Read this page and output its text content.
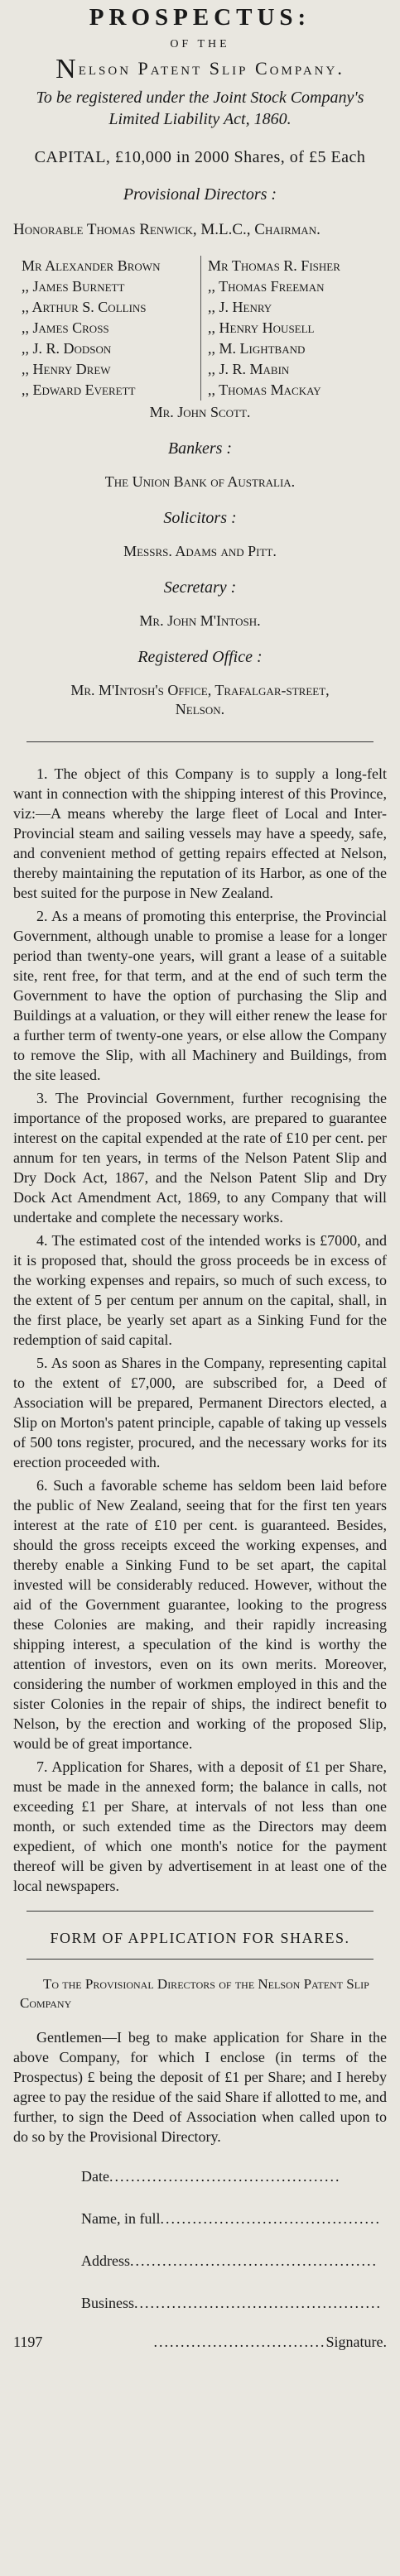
PROSPECTUS:
OF THE
Nelson Patent Slip Company.
To be registered under the Joint Stock Company's Limited Liability Act, 1860.
CAPITAL, £10,000 in 2000 Shares, of £5 Each
Provisional Directors :
Honorable Thomas Renwick, M.L.C., Chairman.
Mr Alexander Brown
,, James Burnett
,, Arthur S. Collins
,, James Cross
,, J. R. Dodson
,, Henry Drew
,, Edward Everett
Mr Thomas R. Fisher
,, Thomas Freeman
,, J. Henry
,, Henry Housell
,, M. Lightband
,, J. R. Mabin
,, Thomas Mackay
Mr. John Scott.
Bankers :
The Union Bank of Australia.
Solicitors :
Messrs. Adams and Pitt.
Secretary :
Mr. John M'Intosh.
Registered Office :
Mr. M'Intosh's Office, Trafalgar-street,
Nelson.

1. The object of this Company is to supply a long-felt want in connection with the shipping interest of this Province, viz:—A means whereby the large fleet of Local and Inter-Provincial steam and sailing vessels may have a speedy, safe, and convenient method of getting repairs effected at Nelson, thereby maintaining the reputation of its Harbor, as one of the best suited for the purpose in New Zealand.

2. As a means of promoting this enterprise, the Provincial Government, although unable to promise a lease for a longer period than twenty-one years, will grant a lease of a suitable site, rent free, for that term, and at the end of such term the Government to have the option of purchasing the Slip and Buildings at a valuation, or they will either renew the lease for a further term of twenty-one years, or else allow the Company to remove the Slip, with all Machinery and Buildings, from the site leased.

3. The Provincial Government, further recognising the importance of the proposed works, are prepared to guarantee interest on the capital expended at the rate of £10 per cent. per annum for ten years, in terms of the Nelson Patent Slip and Dry Dock Act, 1867, and the Nelson Patent Slip and Dry Dock Act Amendment Act, 1869, to any Company that will undertake and complete the necessary works.

4. The estimated cost of the intended works is £7000, and it is proposed that, should the gross proceeds be in excess of the working expenses and repairs, so much of such excess, to the extent of 5 per centum per annum on the capital, shall, in the first place, be yearly set apart as a Sinking Fund for the redemption of said capital.

5. As soon as Shares in the Company, representing capital to the extent of £7,000, are subscribed for, a Deed of Association will be prepared, Permanent Directors elected, a Slip on Morton's patent principle, capable of taking up vessels of 500 tons register, procured, and the necessary works for its erection proceeded with.

6. Such a favorable scheme has seldom been laid before the public of New Zealand, seeing that for the first ten years interest at the rate of £10 per cent. is guaranteed. Besides, should the gross receipts exceed the working expenses, and thereby enable a Sinking Fund to be set apart, the capital invested will be considerably reduced. However, without the aid of the Government guarantee, looking to the progress these Colonies are making, and their rapidly increasing shipping interest, a speculation of the kind is worthy the attention of investors, even on its own merits. Moreover, considering the number of workmen employed in this and the sister Colonies in the repair of ships, the indirect benefit to Nelson, by the erection and working of the proposed Slip, would be of great importance.

7. Application for Shares, with a deposit of £1 per Share, must be made in the annexed form; the balance in calls, not exceeding £1 per Share, at intervals of not less than one month, or such extended time as the Directors may deem expedient, of which one month's notice for the payment thereof will be given by advertisement in at least one of the local newspapers.

FORM OF APPLICATION FOR SHARES.
To the Provisional Directors of the Nelson Patent Slip Company
Gentlemen—I beg to make application for Share in the above Company, for which I enclose (in terms of the Prospectus) £ being the deposit of £1 per Share; and I hereby agree to pay the residue of the said Share if allotted to me, and further, to sign the Deed of Association when called upon to do so by the Provisional Directory.
Date...........................................
Name, in full.........................................
Address..............................................
Business..............................................
1197	................................Signature.
